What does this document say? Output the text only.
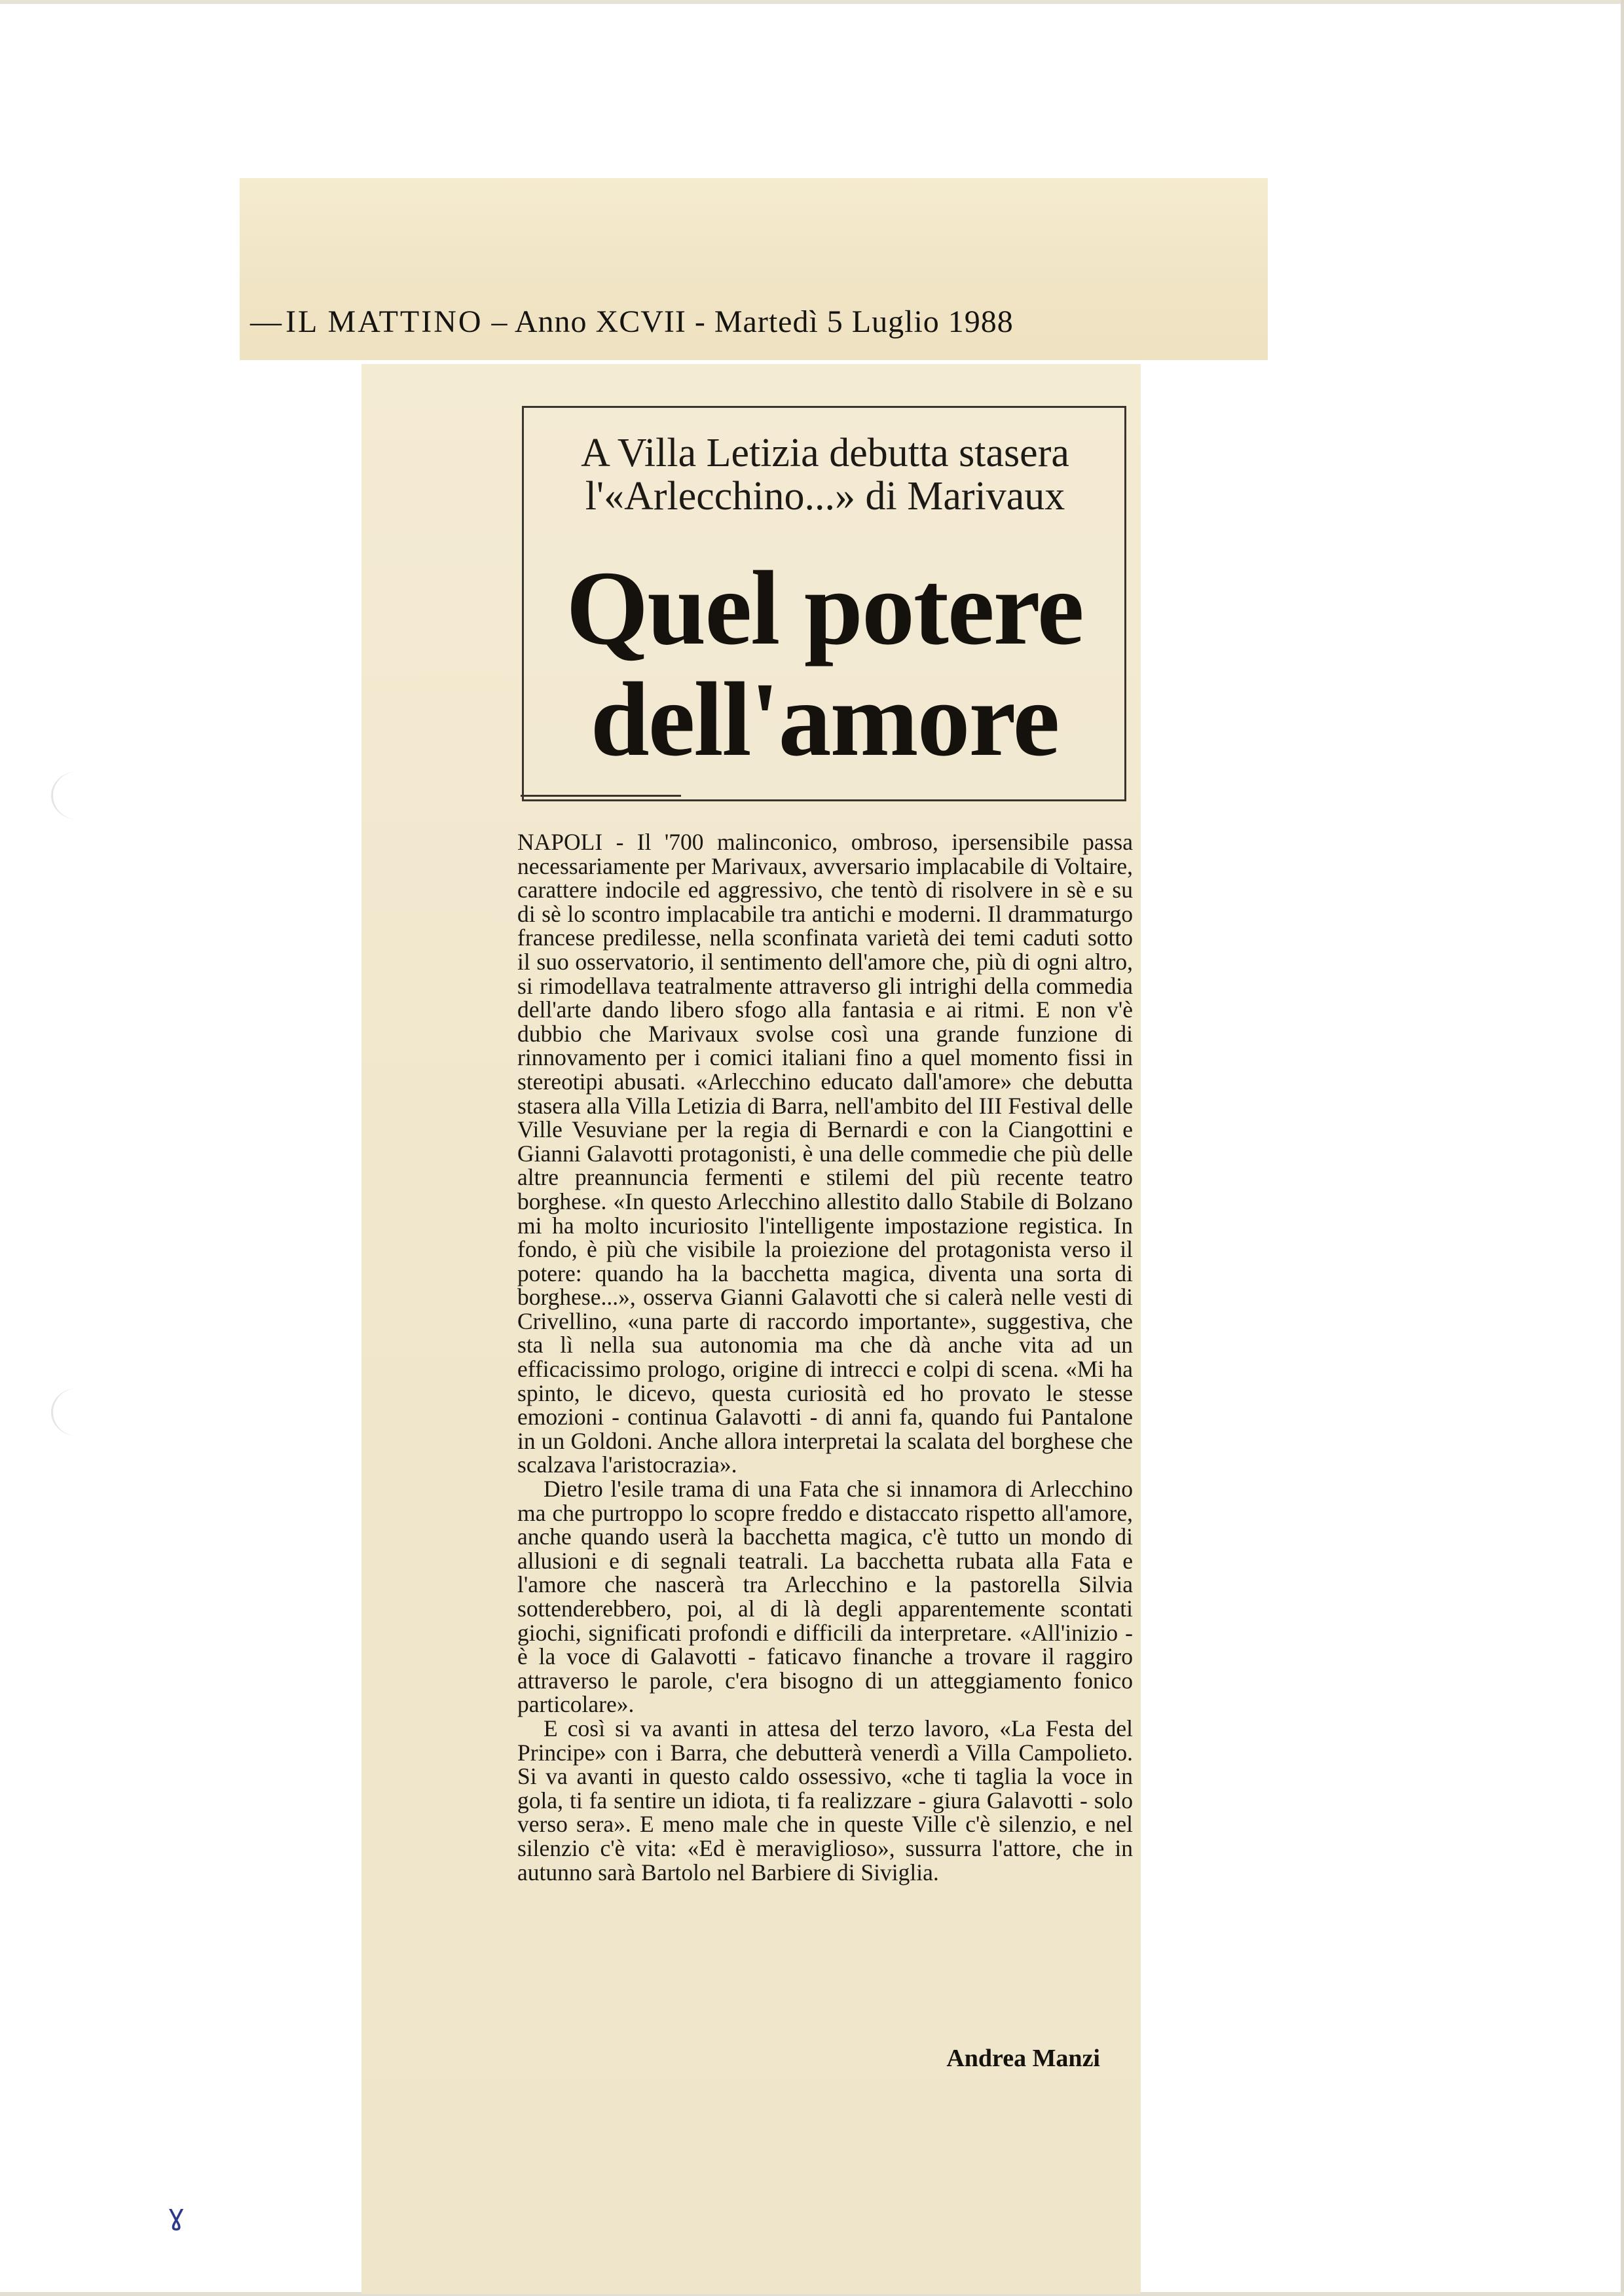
— IL MATTINO – Anno XCVII - Martedì 5 Luglio 1988
A Villa Letizia debutta stasera
l'«Arlecchino...» di Marivaux
Quel potere
dell'amore

NAPOLI - Il '700 malinconico, ombroso, ipersensibile passa necessariamente per Marivaux, avversario implacabile di Voltaire, carattere indocile ed aggressivo, che tentò di risolvere in sè e su di sè lo scontro implacabile tra antichi e moderni. Il drammaturgo francese predilesse, nella sconfinata varietà dei temi caduti sotto il suo osservatorio, il sentimento dell'amore che, più di ogni altro, si rimodellava teatralmente attraverso gli intrighi della commedia dell'arte dando libero sfogo alla fantasia e ai ritmi. E non v'è dubbio che Marivaux svolse così una grande funzione di rinnovamento per i comici italiani fino a quel momento fissi in stereotipi abusati. «Arlecchino educato dall'amore» che debutta stasera alla Villa Letizia di Barra, nell'ambito del III Festival delle Ville Vesuviane per la regia di Bernardi e con la Ciangottini e Gianni Galavotti protagonisti, è una delle commedie che più delle altre preannuncia fermenti e stilemi del più recente teatro borghese. «In questo Arlecchino allestito dallo Stabile di Bolzano mi ha molto incuriosito l'intelligente impostazione registica. In fondo, è più che visibile la proiezione del protagonista verso il potere: quando ha la bacchetta magica, diventa una sorta di borghese...», osserva Gianni Galavotti che si calerà nelle vesti di Crivellino, «una parte di raccordo importante», suggestiva, che sta lì nella sua autonomia ma che dà anche vita ad un efficacissimo prologo, origine di intrecci e colpi di scena. «Mi ha spinto, le dicevo, questa curiosità ed ho provato le stesse emozioni - continua Galavotti - di anni fa, quando fui Pantalone in un Goldoni. Anche allora interpretai la scalata del borghese che scalzava l'aristocrazia».

Dietro l'esile trama di una Fata che si innamora di Arlecchino ma che purtroppo lo scopre freddo e distaccato rispetto all'amore, anche quando userà la bacchetta magica, c'è tutto un mondo di allusioni e di segnali teatrali. La bacchetta rubata alla Fata e l'amore che nascerà tra Arlecchino e la pastorella Silvia sottenderebbero, poi, al di là degli apparentemente scontati giochi, significati profondi e difficili da interpretare. «All'inizio - è la voce di Galavotti - faticavo finanche a trovare il raggiro attraverso le parole, c'era bisogno di un atteggiamento fonico particolare».

E così si va avanti in attesa del terzo lavoro, «La Festa del Principe» con i Barra, che debutterà venerdì a Villa Campolieto. Si va avanti in questo caldo ossessivo, «che ti taglia la voce in gola, ti fa sentire un idiota, ti fa realizzare - giura Galavotti - solo verso sera». E meno male che in queste Ville c'è silenzio, e nel silenzio c'è vita: «Ed è meraviglioso», sussurra l'attore, che in autunno sarà Bartolo nel Barbiere di Siviglia.

Andrea Manzi
ɣ
